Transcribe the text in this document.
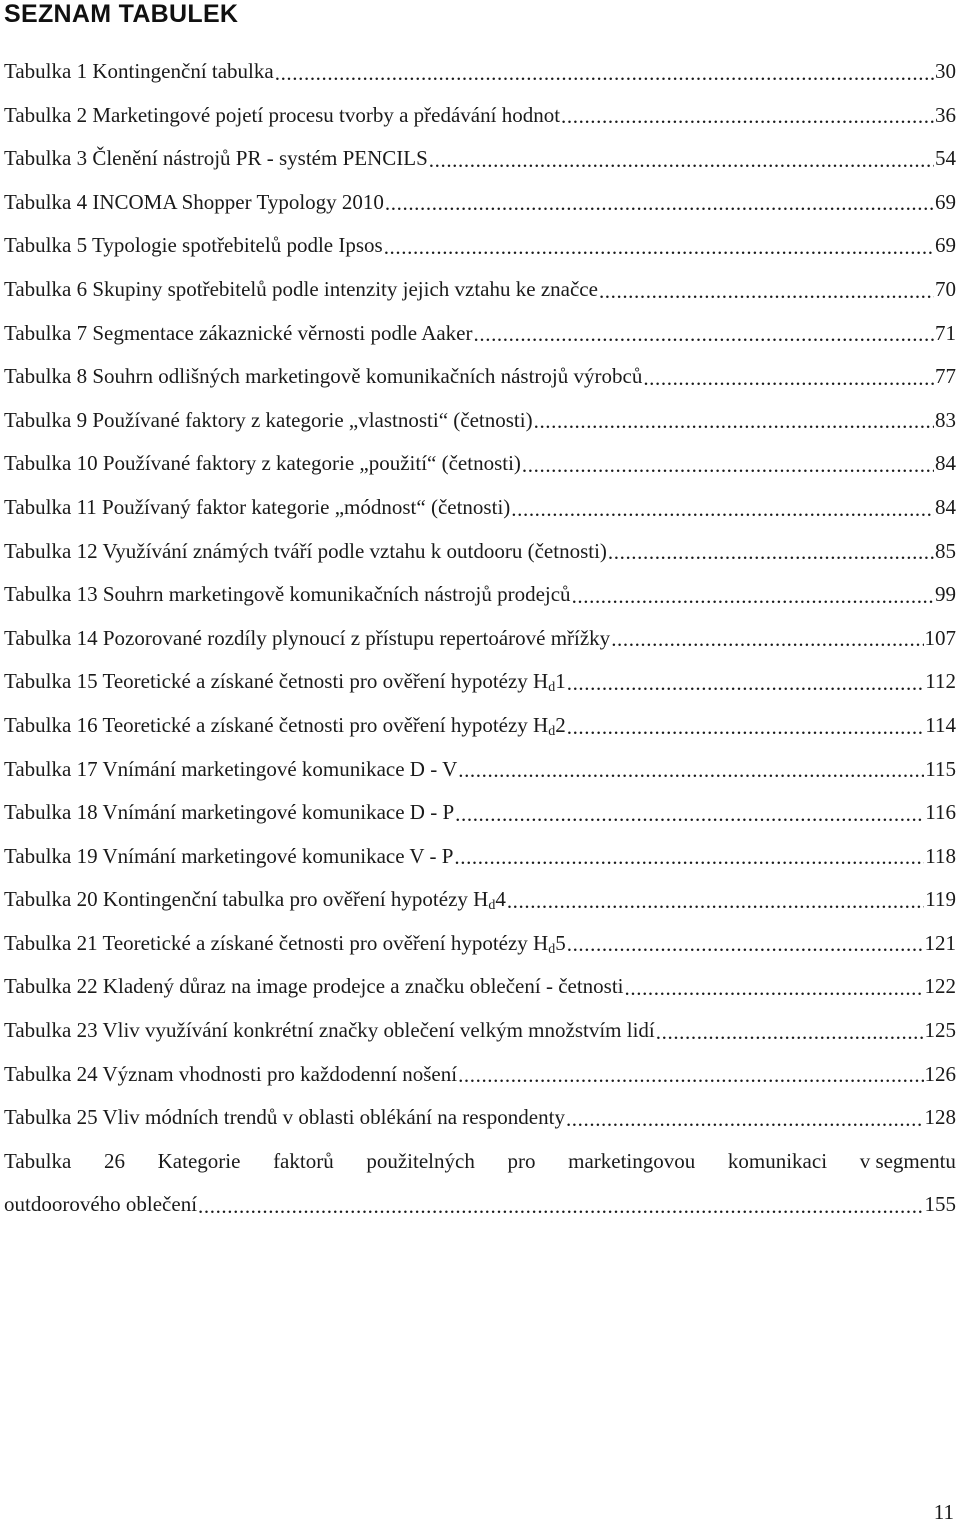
SEZNAM TABULEK
Tabulka 1 Kontingenční tabulka .....	30
Tabulka 2 Marketingové pojetí procesu tvorby a předávání hodnot .....	36
Tabulka 3 Členění nástrojů PR - systém PENCILS .....	54
Tabulka 4 INCOMA Shopper Typology 2010 .....	69
Tabulka 5 Typologie spotřebitelů podle Ipsos .....	69
Tabulka 6 Skupiny spotřebitelů podle intenzity jejich vztahu ke značce .....	70
Tabulka 7 Segmentace zákaznické věrnosti podle Aaker .....	71
Tabulka 8 Souhrn odlišných marketingově komunikačních nástrojů výrobců .....	77
Tabulka 9 Používané faktory z kategorie „vlastnosti“ (četnosti) .....	83
Tabulka 10 Používané faktory z kategorie „použití“ (četnosti) .....	84
Tabulka 11 Používaný faktor kategorie „módnost“ (četnosti) .....	84
Tabulka 12 Využívání známých tváří podle vztahu k outdooru (četnosti) .....	85
Tabulka 13 Souhrn marketingově komunikačních nástrojů prodejců .....	99
Tabulka 14 Pozorované rozdíly plynoucí z přístupu repertoárové mřížky .....	107
Tabulka 15 Teoretické a získané četnosti pro ověření hypotézy $H_d1$ .....	112
Tabulka 16 Teoretické a získané četnosti pro ověření hypotézy $H_d2$ .....	114
Tabulka 17 Vnímání marketingové komunikace D - V .....	115
Tabulka 18 Vnímání marketingové komunikace D - P .....	116
Tabulka 19 Vnímání marketingové komunikace V - P .....	118
Tabulka 20 Kontingenční tabulka pro ověření hypotézy $H_d4$ .....	119
Tabulka 21 Teoretické a získané četnosti pro ověření hypotézy $H_d5$ .....	121
Tabulka 22 Kladený důraz na image prodejce a značku oblečení - četnosti .....	122
Tabulka 23 Vliv využívání konkrétní značky oblečení velkým množstvím lidí .....	125
Tabulka 24 Význam vhodnosti pro každodenní nošení .....	126
Tabulka 25 Vliv módních trendů v oblasti oblékání na respondenty .....	128
Tabulka 26 Kategorie faktorů použitelných pro marketingovou komunikaci v segmentu
outdoorového oblečení .....	155
11
